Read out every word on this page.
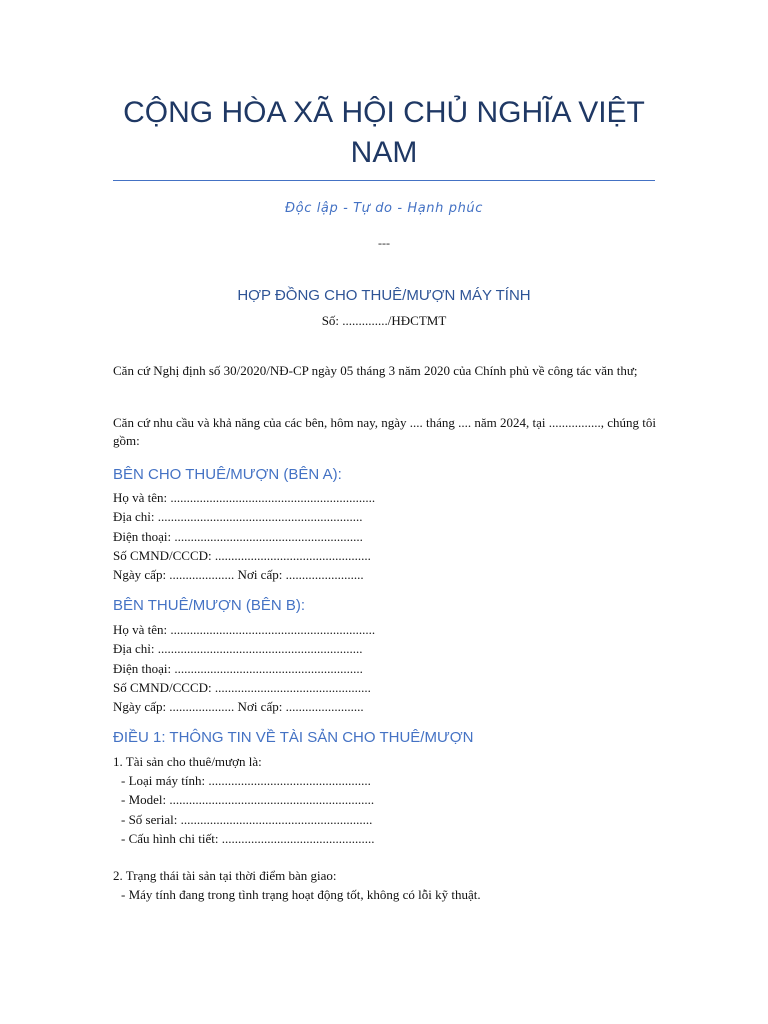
CỘNG HÒA XÃ HỘI CHỦ NGHĨA VIỆT NAM
Độc lập - Tự do - Hạnh phúc
---
HỢP ĐỒNG CHO THUÊ/MƯỢN MÁY TÍNH
Số: ............../HĐCTMT

Căn cứ Nghị định số 30/2020/NĐ-CP ngày 05 tháng 3 năm 2020 của Chính phủ về công tác văn thư;

Căn cứ nhu cầu và khả năng của các bên, hôm nay, ngày .... tháng .... năm 2024, tại ................, chúng tôi gồm:

BÊN CHO THUÊ/MƯỢN (BÊN A):
Họ và tên: ...............................................................
Địa chỉ: ...............................................................
Điện thoại: ..........................................................
Số CMND/CCCD: ................................................
Ngày cấp: .................... Nơi cấp: ........................
BÊN THUÊ/MƯỢN (BÊN B):
Họ và tên: ...............................................................
Địa chỉ: ...............................................................
Điện thoại: ..........................................................
Số CMND/CCCD: ................................................
Ngày cấp: .................... Nơi cấp: ........................
ĐIỀU 1: THÔNG TIN VỀ TÀI SẢN CHO THUÊ/MƯỢN
1. Tài sản cho thuê/mượn là:
- Loại máy tính: ..................................................
- Model: ...............................................................
- Số serial: ...........................................................
- Cấu hình chi tiết: ...............................................
2. Trạng thái tài sản tại thời điểm bàn giao:
- Máy tính đang trong tình trạng hoạt động tốt, không có lỗi kỹ thuật.
